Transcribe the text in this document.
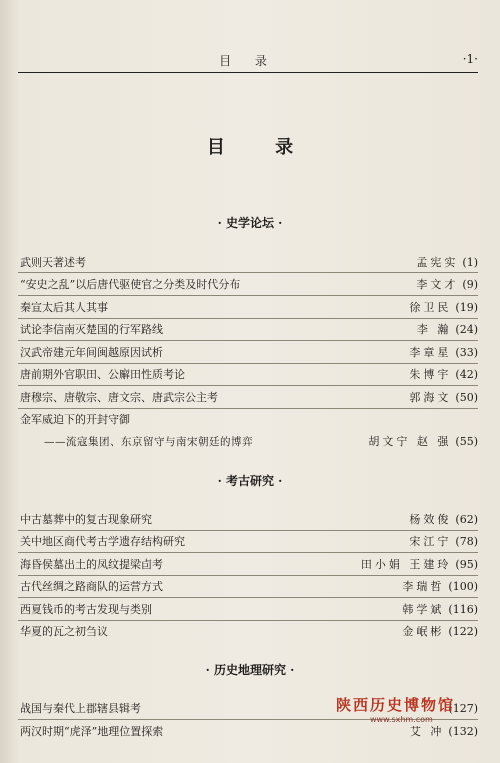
目 录	·1·
目 录
· 史学论坛 ·
武则天著述考	孟宪实 (1)
“安史之乱”以后唐代驱使官之分类及时代分布	李文才 (9)
秦宣太后其人其事	徐卫民 (19)
试论李信南灭楚国的行军路线	李 瀚 (24)
汉武帝建元年间闽越原因试析	李章星 (33)
唐前期外官职田、公廨田性质考论	朱博宇 (42)
唐穆宗、唐敬宗、唐文宗、唐武宗公主考	郭海文 (50)
金军威迫下的开封守御
——流寇集团、东京留守与南宋朝廷的博弈	胡文宁 赵 强 (55)
· 考古研究 ·
中古墓葬中的复古现象研究	杨效俊 (62)
关中地区商代考古学遗存结构研究	宋江宁 (78)
海昏侯墓出土的凤纹提梁卣考	田小娟 王建玲 (95)
古代丝绸之路商队的运营方式	李瑞哲 (100)
西夏钱币的考古发现与类别	韩学斌 (116)
华夏的瓦之初刍议	金岷彬 (122)
· 历史地理研究 ·
战国与秦代上郡辖县辑考	(127)
两汉时期“虎泽”地理位置探索	艾 冲 (132)
陕西历史博物馆
www.sxhm.com
